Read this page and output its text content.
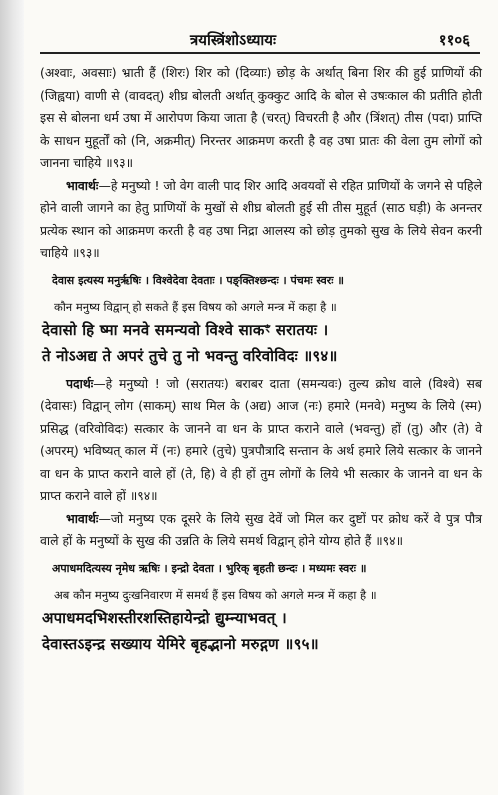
त्रयस्त्रिंशोऽध्यायः	११०६

(अश्वाः, अवसाः) भ्राती हैं (शिरः) शिर को (दिव्याः) छोड़ के अर्थात् बिना शिर की हुई प्राणियों की (जिह्वया) वाणी से (वावदत्) शीघ्र बोलती अर्थात् कुक्कुट आदि के बोल से उषःकाल की प्रतीति होती इस से बोलना धर्म उषा में आरोपण किया जाता है (चरत्) विचरती है और (त्रिंशत्) तीस (पदा) प्राप्ति के साधन मुहूर्तों को (नि, अक्रमीत्) निरन्तर आक्रमण करती है वह उषा प्रातः की वेला तुम लोगों को जानना चाहिये ॥९३॥

भावार्थः—हे मनुष्यो ! जो वेग वाली पाद शिर आदि अवयवों से रहित प्राणियों के जगने से पहिले होने वाली जागने का हेतु प्राणियों के मुखों से शीघ्र बोलती हुई सी तीस मुहूर्त (साठ घड़ी) के अनन्तर प्रत्येक स्थान को आक्रमण करती है वह उषा निद्रा आलस्य को छोड़ तुमको सुख के लिये सेवन करनी चाहिये ॥९३॥

देवास इत्यस्य मनुर्ऋषिः । विश्वेदेवा देवताः । पङ्क्तिश्छन्दः । पंचमः स्वरः ॥
कौन मनुष्य विद्वान् हो सकते हैं इस विषय को अगले मन्त्र में कहा है ॥
देवासो हि ष्मा मनवे समन्यवो विश्वे साकꣳ सरातयः ।
ते नोऽअद्य ते अपरं तुचे तु नो भवन्तु वरिवोविदः ॥९४॥

पदार्थः—हे मनुष्यो ! जो (सरातयः) बराबर दाता (समन्यवः) तुल्य क्रोध वाले (विश्वे) सब (देवासः) विद्वान् लोग (साकम्) साथ मिल के (अद्य) आज (नः) हमारे (मनवे) मनुष्य के लिये (स्म) प्रसिद्ध (वरिवोविदः) सत्कार के जानने वा धन के प्राप्त कराने वाले (भवन्तु) हों (तु) और (ते) वे (अपरम्) भविष्यत् काल में (नः) हमारे (तुचे) पुत्रपौत्रादि सन्तान के अर्थ हमारे लिये सत्कार के जानने वा धन के प्राप्त कराने वाले हों (ते, हि) वे ही हों तुम लोगों के लिये भी सत्कार के जानने वा धन के प्राप्त कराने वाले हों ॥९४॥

भावार्थः—जो मनुष्य एक दूसरे के लिये सुख देवें जो मिल कर दुष्टों पर क्रोध करें वे पुत्र पौत्र वाले हों के मनुष्यों के सुख की उन्नति के लिये समर्थ विद्वान् होने योग्य होते हैं ॥९४॥

अपाधमदित्यस्य नृमेध ऋषिः । इन्द्रो देवता । भुरिक् बृहती छन्दः । मध्यमः स्वरः ॥
अब कौन मनुष्य दुःखनिवारण में समर्थ हैं इस विषय को अगले मन्त्र में कहा है ॥
अपाधमदभिशस्तीरशस्तिहायेन्द्रो द्युम्न्याभवत् ।
देवास्तऽइन्द्र सख्याय येमिरे बृहद्भानो मरुद्गण ॥९५॥
